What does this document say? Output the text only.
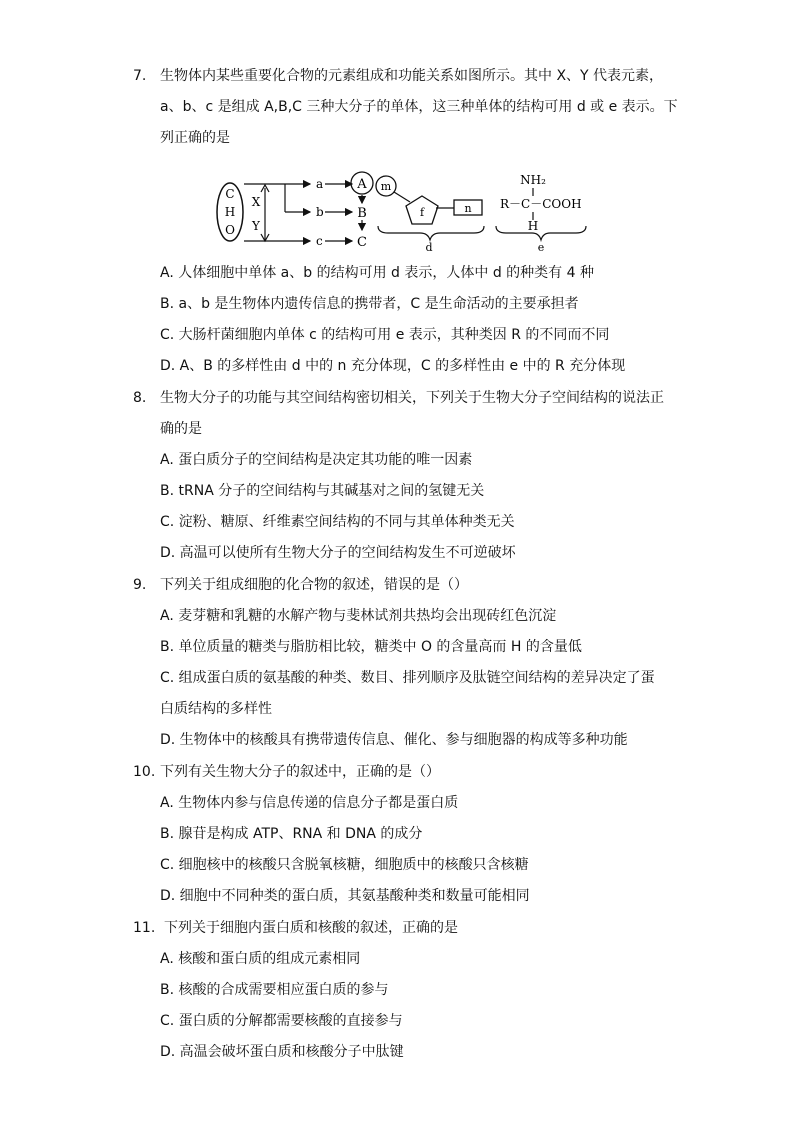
7. 生物体内某些重要化合物的元素组成和功能关系如图所示。其中 X、Y 代表元素，
a、b、c 是组成 A,B,C 三种大分子的单体，这三种单体的结构可用 d 或 e 表示。下
列正确的是
C
H
O
X
Y
a
b
c
A
B
C
m
f	n
d
NH₂
R－C－COOH
H
e
A. 人体细胞中单体 a、b 的结构可用 d 表示，人体中 d 的种类有 4 种
B. a、b 是生物体内遗传信息的携带者，C 是生命活动的主要承担者
C. 大肠杆菌细胞内单体 c 的结构可用 e 表示，其种类因 R 的不同而不同
D. A、B 的多样性由 d 中的 n 充分体现，C 的多样性由 e 中的 R 充分体现
8. 生物大分子的功能与其空间结构密切相关，下列关于生物大分子空间结构的说法正
确的是
A. 蛋白质分子的空间结构是决定其功能的唯一因素
B. tRNA 分子的空间结构与其碱基对之间的氢键无关
C. 淀粉、糖原、纤维素空间结构的不同与其单体种类无关
D. 高温可以使所有生物大分子的空间结构发生不可逆破坏
9. 下列关于组成细胞的化合物的叙述，错误的是（）
A. 麦芽糖和乳糖的水解产物与斐林试剂共热均会出现砖红色沉淀
B. 单位质量的糖类与脂肪相比较，糖类中 O 的含量高而 H 的含量低
C. 组成蛋白质的氨基酸的种类、数目、排列顺序及肽链空间结构的差异决定了蛋
白质结构的多样性
D. 生物体中的核酸具有携带遗传信息、催化、参与细胞器的构成等多种功能
10. 下列有关生物大分子的叙述中，正确的是（）
A. 生物体内参与信息传递的信息分子都是蛋白质
B. 腺苷是构成 ATP、RNA 和 DNA 的成分
C. 细胞核中的核酸只含脱氧核糖，细胞质中的核酸只含核糖
D. 细胞中不同种类的蛋白质，其氨基酸种类和数量可能相同
11. 下列关于细胞内蛋白质和核酸的叙述，正确的是
A. 核酸和蛋白质的组成元素相同
B. 核酸的合成需要相应蛋白质的参与
C. 蛋白质的分解都需要核酸的直接参与
D. 高温会破坏蛋白质和核酸分子中肽键
